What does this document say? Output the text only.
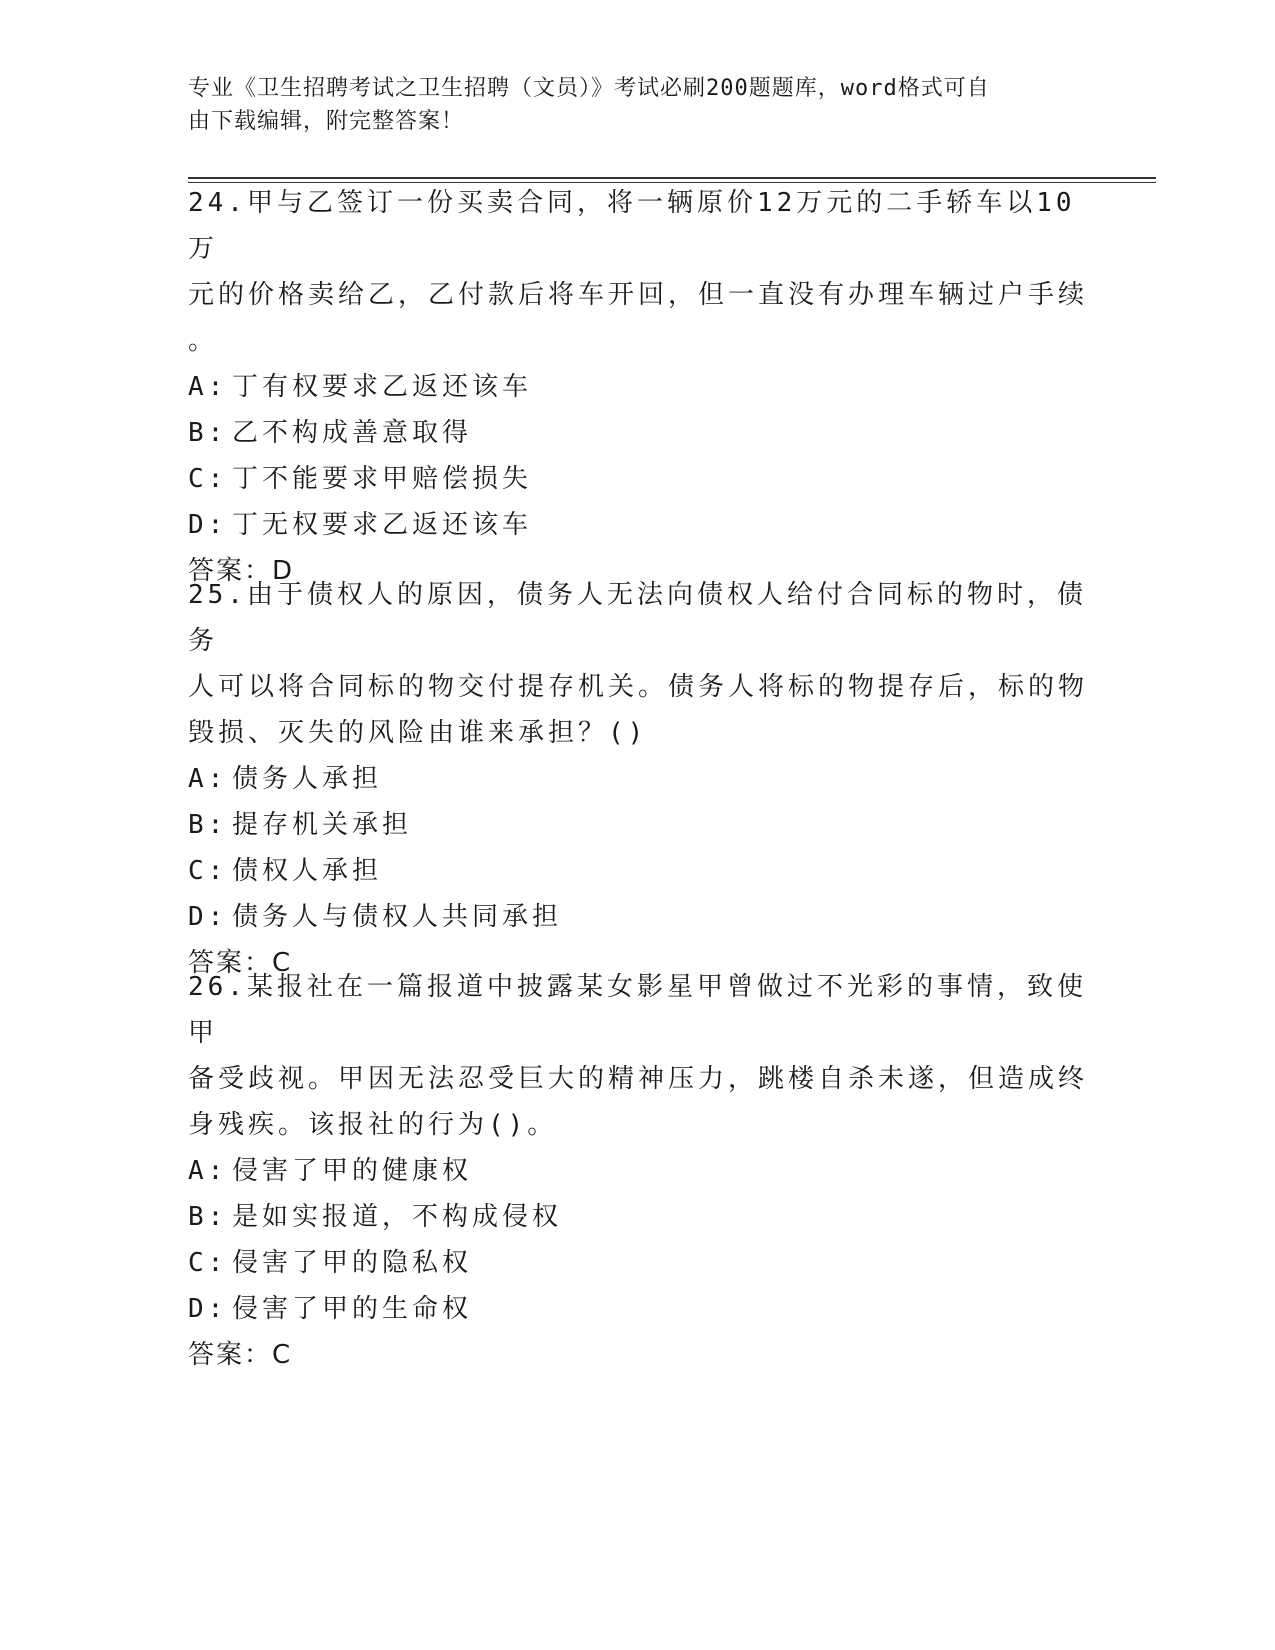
专业《卫生招聘考试之卫生招聘（文员）》考试必刷200题题库，word格式可自
由下载编辑，附完整答案！

24.甲与乙签订一份买卖合同，将一辆原价12万元的二手轿车以10万
元的价格卖给乙，乙付款后将车开回，但一直没有办理车辆过户手续
。

A: 丁有权要求乙返还该车
B: 乙不构成善意取得
C: 丁不能要求甲赔偿损失
D: 丁无权要求乙返还该车

答案：D

25.由于债权人的原因，债务人无法向债权人给付合同标的物时，债务
人可以将合同标的物交付提存机关。债务人将标的物提存后，标的物
毁损、灭失的风险由谁来承担？()

A: 债务人承担
B: 提存机关承担
C: 债权人承担
D: 债务人与债权人共同承担

答案：C

26.某报社在一篇报道中披露某女影星甲曾做过不光彩的事情，致使甲
备受歧视。甲因无法忍受巨大的精神压力，跳楼自杀未遂，但造成终
身残疾。该报社的行为()。

A: 侵害了甲的健康权
B: 是如实报道，不构成侵权
C: 侵害了甲的隐私权
D: 侵害了甲的生命权

答案：C
